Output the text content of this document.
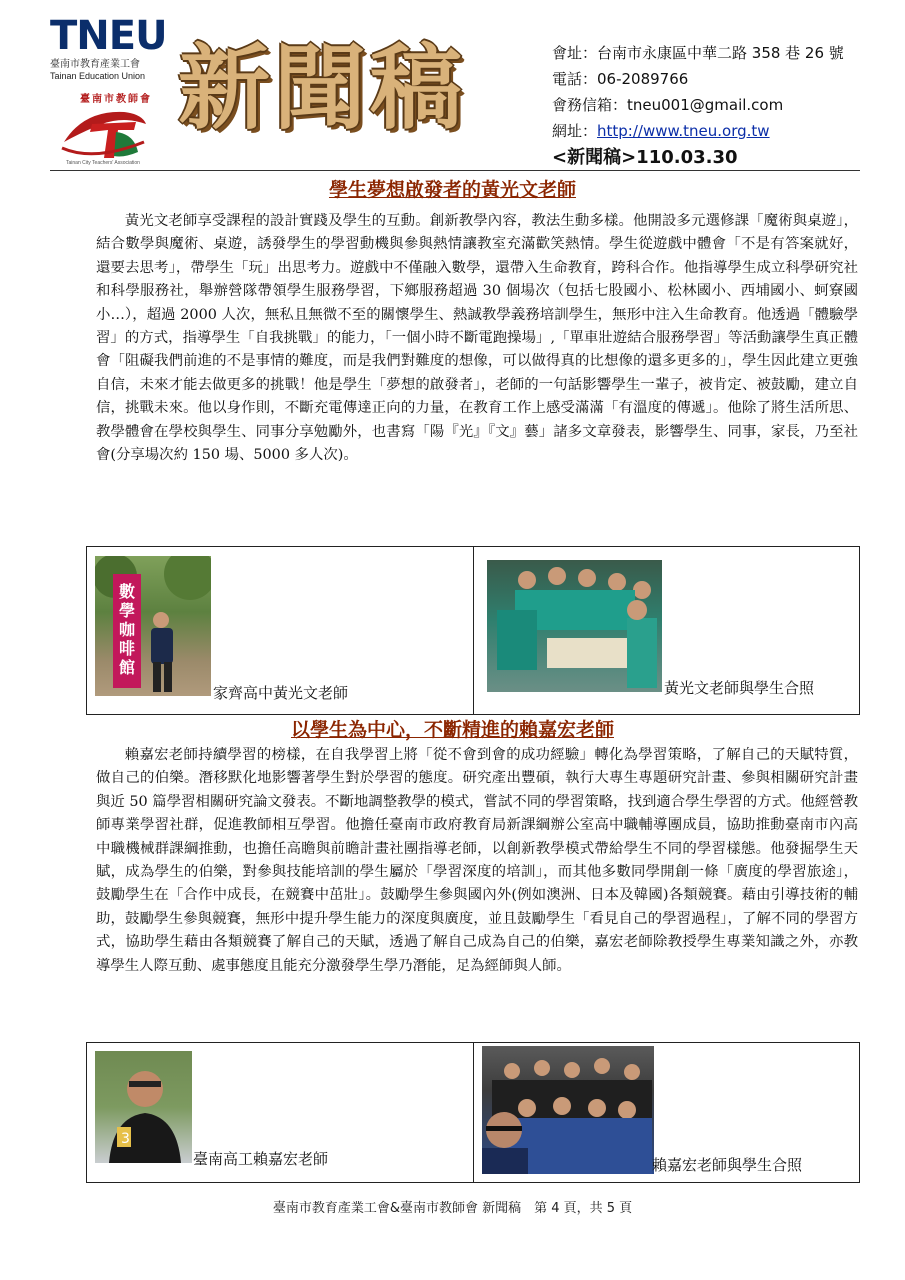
TNEU
臺南市教育產業工會
Tainan Education Union
臺南市教師會
Tainan City Teachers' Association
新聞稿	會址：台南市永康區中華二路 358 巷 26 號
電話：06-2089766
會務信箱：tneu001@gmail.com
網址：http://www.tneu.org.tw
<新聞稿>110.03.30
學生夢想啟發者的黃光文老師
黃光文老師享受課程的設計實踐及學生的互動。創新教學內容，教法生動多樣。他開設多元選修課「魔術與桌遊」，結合數學與魔術、桌遊，誘發學生的學習動機與參與熱情讓教室充滿歡笑熱情。學生從遊戲中體會「不是有答案就好，還要去思考」，帶學生「玩」出思考力。遊戲中不僅融入數學，還帶入生命教育，跨科合作。他指導學生成立科學研究社和科學服務社，舉辦營隊帶領學生服務學習，下鄉服務超過 30 個場次（包括七股國小、松林國小、西埔國小、蚵寮國小…），超過 2000 人次，無私且無微不至的關懷學生、熱誠教學義務培訓學生，無形中注入生命教育。他透過「體驗學習」的方式，指導學生「自我挑戰」的能力，「一個小時不斷電跑操場」,「單車壯遊結合服務學習」等活動讓學生真正體會「阻礙我們前進的不是事情的難度，而是我們對難度的想像，可以做得真的比想像的還多更多的」，學生因此建立更強自信，未來才能去做更多的挑戰！他是學生「夢想的啟發者」，老師的一句話影響學生一輩子，被肯定、被鼓勵，建立自信，挑戰未來。他以身作則，不斷充電傳達正向的力量，在教育工作上感受滿滿「有溫度的傳遞」。他除了將生活所思、教學體會在學校與學生、同事分享勉勵外，也書寫「陽『光』『文』藝」諸多文章發表，影響學生、同事，家長，乃至社會(分享場次約 150 場、5000 多人次)。
數學咖啡館
家齊高中黃光文老師	黃光文老師與學生合照
以學生為中心，不斷精進的賴嘉宏老師
賴嘉宏老師持續學習的榜樣，在自我學習上將「從不會到會的成功經驗」轉化為學習策略，了解自己的天賦特質，做自己的伯樂。潛移默化地影響著學生對於學習的態度。研究產出豐碩，執行大專生專題研究計畫、參與相關研究計畫與近 50 篇學習相關研究論文發表。不斷地調整教學的模式，嘗試不同的學習策略，找到適合學生學習的方式。他經營教師專業學習社群，促進教師相互學習。他擔任臺南市政府教育局新課綱辦公室高中職輔導團成員，協助推動臺南市內高中職機械群課綱推動，也擔任高瞻與前瞻計畫社團指導老師，以創新教學模式帶給學生不同的學習樣態。他發掘學生天賦，成為學生的伯樂，對參與技能培訓的學生屬於「學習深度的培訓」，而其他多數同學開創一條「廣度的學習旅途」，鼓勵學生在「合作中成長，在競賽中茁壯」。鼓勵學生參與國內外(例如澳洲、日本及韓國)各類競賽。藉由引導技術的輔助，鼓勵學生參與競賽，無形中提升學生能力的深度與廣度，並且鼓勵學生「看見自己的學習過程」，了解不同的學習方式，協助學生藉由各類競賽了解自己的天賦，透過了解自己成為自己的伯樂，嘉宏老師除教授學生專業知識之外，亦教導學生人際互動、處事態度且能充分激發學生學乃潛能，足為經師與人師。
3
臺南高工賴嘉宏老師	賴嘉宏老師與學生合照
臺南市教育產業工會&臺南市教師會 新聞稿　第 4 頁，共 5 頁
